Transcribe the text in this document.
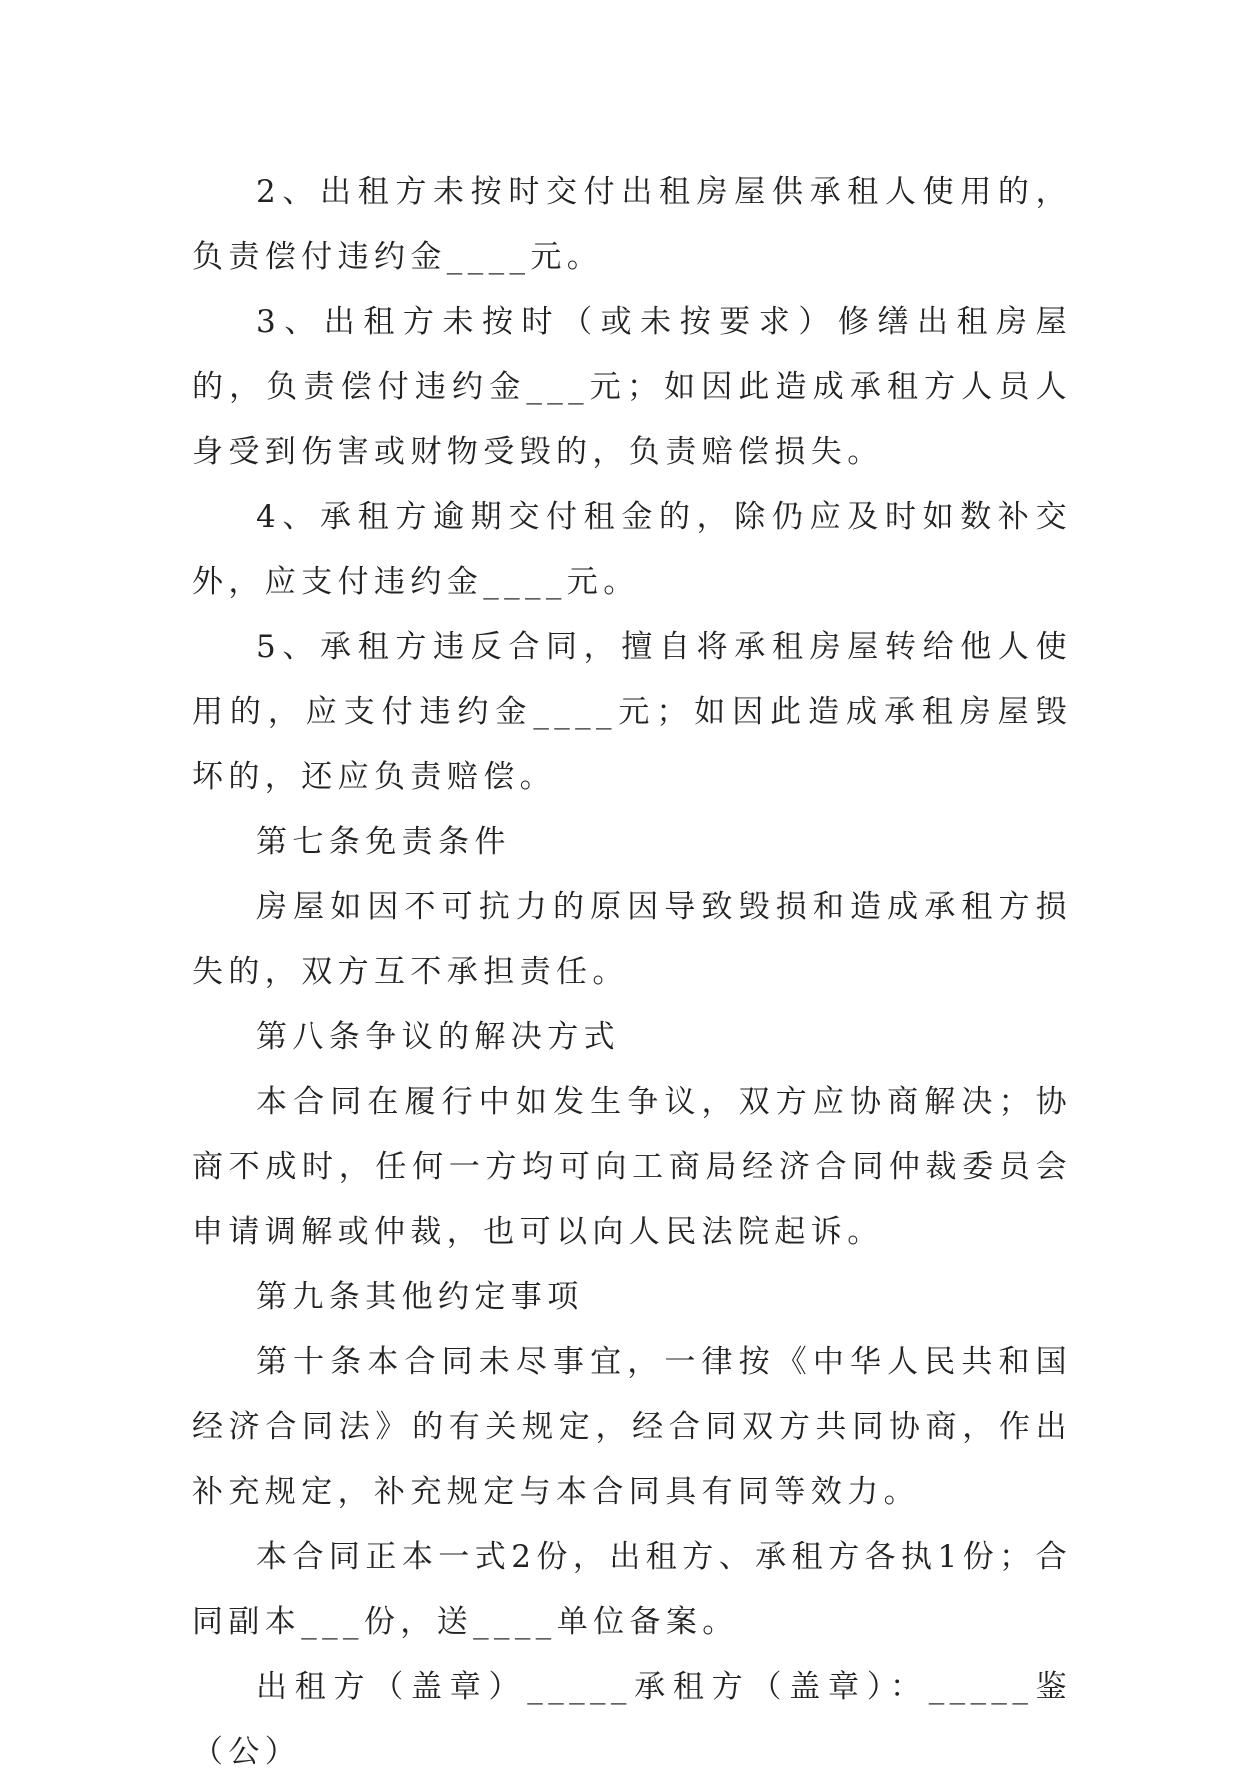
2、出租方未按时交付出租房屋供承租人使用的，负责偿付违约金____元。

3、出租方未按时（或未按要求）修缮出租房屋的，负责偿付违约金___元；如因此造成承租方人员人身受到伤害或财物受毁的，负责赔偿损失。

4、承租方逾期交付租金的，除仍应及时如数补交外，应支付违约金____元。

5、承租方违反合同，擅自将承租房屋转给他人使用的，应支付违约金____元；如因此造成承租房屋毁坏的，还应负责赔偿。

第七条免责条件

房屋如因不可抗力的原因导致毁损和造成承租方损失的，双方互不承担责任。

第八条争议的解决方式

本合同在履行中如发生争议，双方应协商解决；协商不成时，任何一方均可向工商局经济合同仲裁委员会申请调解或仲裁，也可以向人民法院起诉。

第九条其他约定事项

第十条本合同未尽事宜，一律按《中华人民共和国经济合同法》的有关规定，经合同双方共同协商，作出补充规定，补充规定与本合同具有同等效力。

本合同正本一式2份，出租方、承租方各执1份；合同副本___份，送____单位备案。

出租方（盖章）_____承租方（盖章）：_____鉴（公）
